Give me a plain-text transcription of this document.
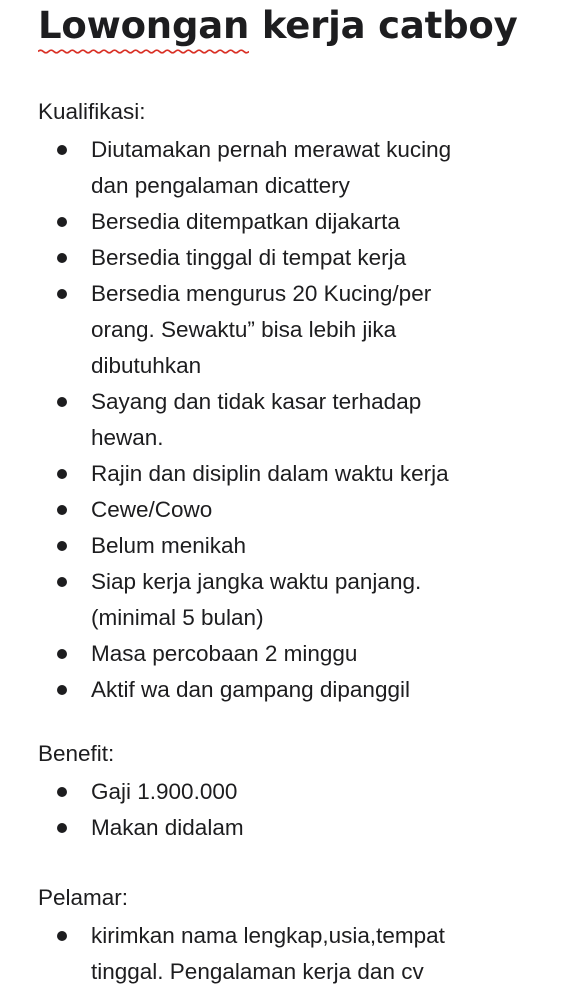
Lowongan
kerja catboy
Kualifikasi:
Diutamakan pernah merawat kucing
dan pengalaman dicattery
Bersedia ditempatkan dijakarta
Bersedia tinggal di tempat kerja
Bersedia mengurus 20 Kucing/per
orang. Sewaktu” bisa lebih jika
dibutuhkan
Sayang dan tidak kasar terhadap
hewan.
Rajin dan disiplin dalam waktu kerja
Cewe/Cowo
Belum menikah
Siap kerja jangka waktu panjang.
(minimal 5 bulan)
Masa percobaan 2 minggu
Aktif wa dan gampang dipanggil
Benefit:
Gaji 1.900.000
Makan didalam
Pelamar:
kirimkan nama lengkap,usia,tempat
tinggal. Pengalaman kerja dan cv
